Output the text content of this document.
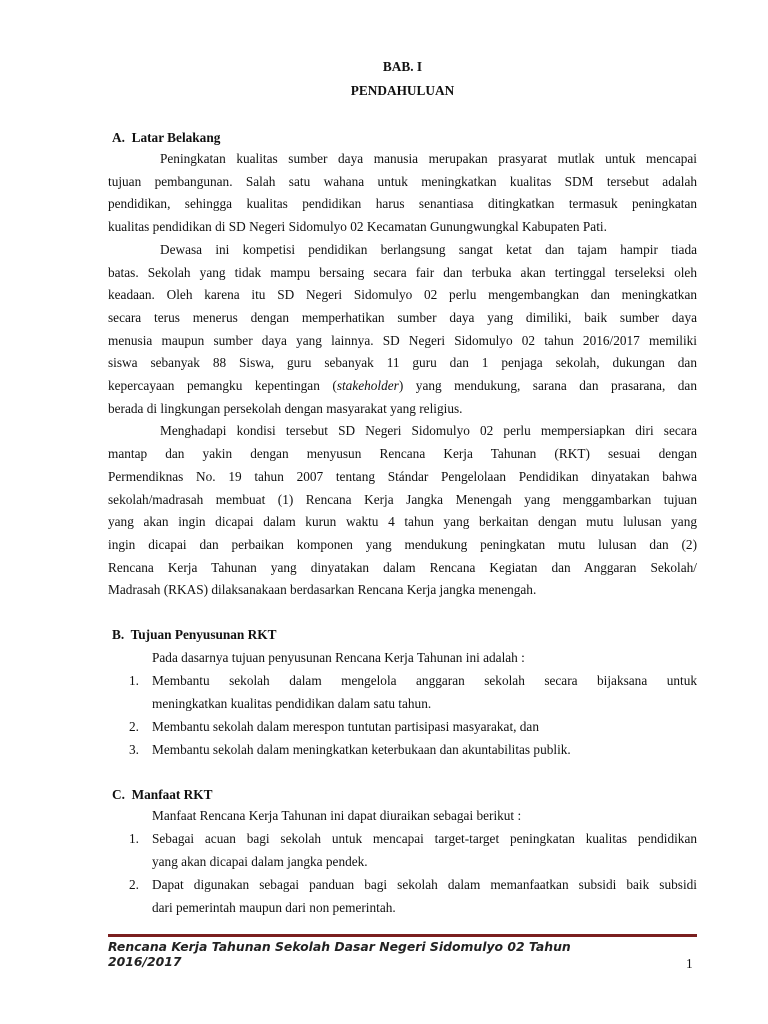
BAB. I
PENDAHULUAN
A. Latar Belakang
Peningkatan kualitas sumber daya manusia merupakan prasyarat mutlak untuk mencapai
tujuan pembangunan. Salah satu wahana untuk meningkatkan kualitas SDM tersebut adalah
pendidikan, sehingga kualitas pendidikan harus senantiasa ditingkatkan termasuk peningkatan
kualitas pendidikan di SD Negeri Sidomulyo 02 Kecamatan Gunungwungkal Kabupaten Pati.
Dewasa ini kompetisi pendidikan berlangsung sangat ketat dan tajam hampir tiada
batas. Sekolah yang tidak mampu bersaing secara fair dan terbuka akan tertinggal terseleksi oleh
keadaan. Oleh karena itu SD Negeri Sidomulyo 02 perlu mengembangkan dan meningkatkan
secara terus menerus dengan memperhatikan sumber daya yang dimiliki, baik sumber daya
menusia maupun sumber daya yang lainnya. SD Negeri Sidomulyo 02 tahun 2016/2017 memiliki
siswa sebanyak 88 Siswa, guru sebanyak 11 guru dan 1 penjaga sekolah, dukungan dan
kepercayaan pemangku kepentingan (stakeholder) yang mendukung, sarana dan prasarana, dan
berada di lingkungan persekolah dengan masyarakat yang religius.
Menghadapi kondisi tersebut SD Negeri Sidomulyo 02 perlu mempersiapkan diri secara
mantap dan yakin dengan menyusun Rencana Kerja Tahunan (RKT) sesuai dengan
Permendiknas No. 19 tahun 2007 tentang Stándar Pengelolaan Pendidikan dinyatakan bahwa
sekolah/madrasah membuat (1) Rencana Kerja Jangka Menengah yang menggambarkan tujuan
yang akan ingin dicapai dalam kurun waktu 4 tahun yang berkaitan dengan mutu lulusan yang
ingin dicapai dan perbaikan komponen yang mendukung peningkatan mutu lulusan dan (2)
Rencana Kerja Tahunan yang dinyatakan dalam Rencana Kegiatan dan Anggaran Sekolah/
Madrasah (RKAS) dilaksanakaan berdasarkan Rencana Kerja jangka menengah.
B. Tujuan Penyusunan RKT
Pada dasarnya tujuan penyusunan Rencana Kerja Tahunan ini adalah :
1. Membantu sekolah dalam mengelola anggaran sekolah secara bijaksana untuk
meningkatkan kualitas pendidikan dalam satu tahun.
2. Membantu sekolah dalam merespon tuntutan partisipasi masyarakat, dan
3. Membantu sekolah dalam meningkatkan keterbukaan dan akuntabilitas publik.
C. Manfaat RKT
Manfaat Rencana Kerja Tahunan ini dapat diuraikan sebagai berikut :
1. Sebagai acuan bagi sekolah untuk mencapai target-target peningkatan kualitas pendidikan
yang akan dicapai dalam jangka pendek.
2. Dapat digunakan sebagai panduan bagi sekolah dalam memanfaatkan subsidi baik subsidi
dari pemerintah maupun dari non pemerintah.
Rencana Kerja Tahunan Sekolah Dasar Negeri Sidomulyo 02 Tahun
2016/2017	1
